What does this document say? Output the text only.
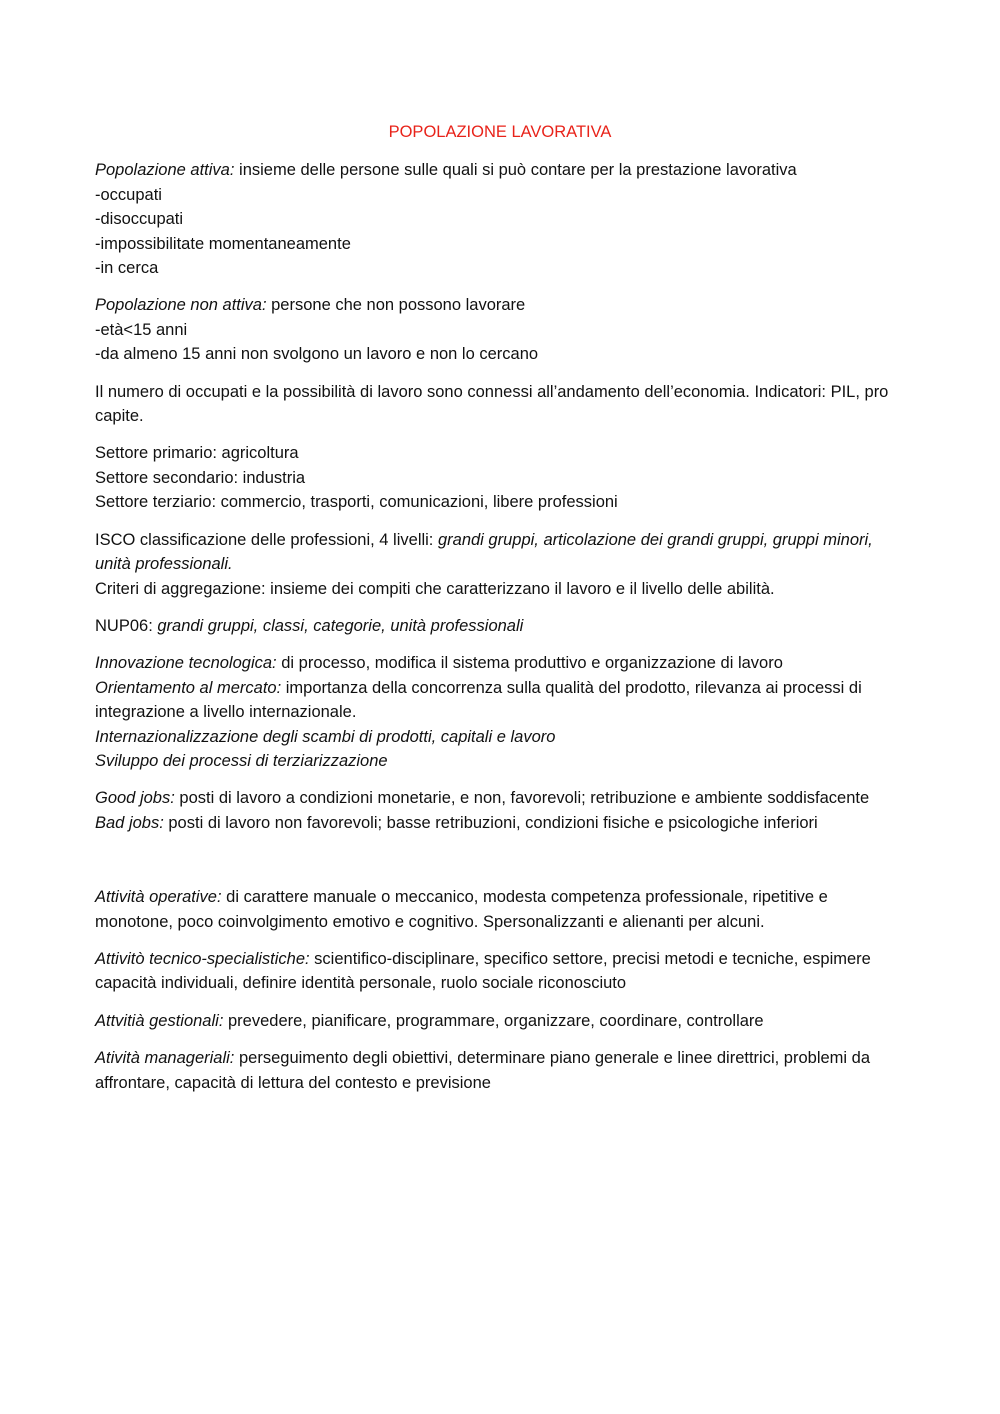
POPOLAZIONE LAVORATIVA
Popolazione attiva: insieme delle persone sulle quali si può contare per la prestazione lavorativa
-occupati
-disoccupati
-impossibilitate momentaneamente
-in cerca
Popolazione non attiva: persone che non possono lavorare
-età<15 anni
-da almeno 15 anni non svolgono un lavoro e non lo cercano
Il numero di occupati e la possibilità di lavoro sono connessi all’andamento dell’economia. Indicatori: PIL, pro capite.
Settore primario: agricoltura
Settore secondario: industria
Settore terziario: commercio, trasporti, comunicazioni, libere professioni
ISCO classificazione delle professioni, 4 livelli: grandi gruppi, articolazione dei grandi gruppi, gruppi minori, unità professionali.
Criteri di aggregazione: insieme dei compiti che caratterizzano il lavoro e il livello delle abilità.
NUP06: grandi gruppi, classi, categorie, unità professionali
Innovazione tecnologica: di processo, modifica il sistema produttivo e organizzazione di lavoro
Orientamento al mercato: importanza della concorrenza sulla qualità del prodotto, rilevanza ai processi di integrazione a livello internazionale.
Internazionalizzazione degli scambi di prodotti, capitali e lavoro
Sviluppo dei processi di terziarizzazione
Good jobs: posti di lavoro a condizioni monetarie, e non, favorevoli; retribuzione e ambiente soddisfacente
Bad jobs: posti di lavoro non favorevoli; basse retribuzioni, condizioni fisiche e psicologiche inferiori
Attività operative: di carattere manuale o meccanico, modesta competenza professionale, ripetitive e monotone, poco coinvolgimento emotivo e cognitivo. Spersonalizzanti e alienanti per alcuni.
Attivitò tecnico-specialistiche: scientifico-disciplinare, specifico settore, precisi metodi e tecniche, espimere capacità individuali, definire identità personale, ruolo sociale riconosciuto
Attvitià gestionali: prevedere, pianificare, programmare, organizzare, coordinare, controllare
Atività manageriali: perseguimento degli obiettivi, determinare piano generale e linee direttrici, problemi da affrontare, capacità di lettura del contesto e previsione
